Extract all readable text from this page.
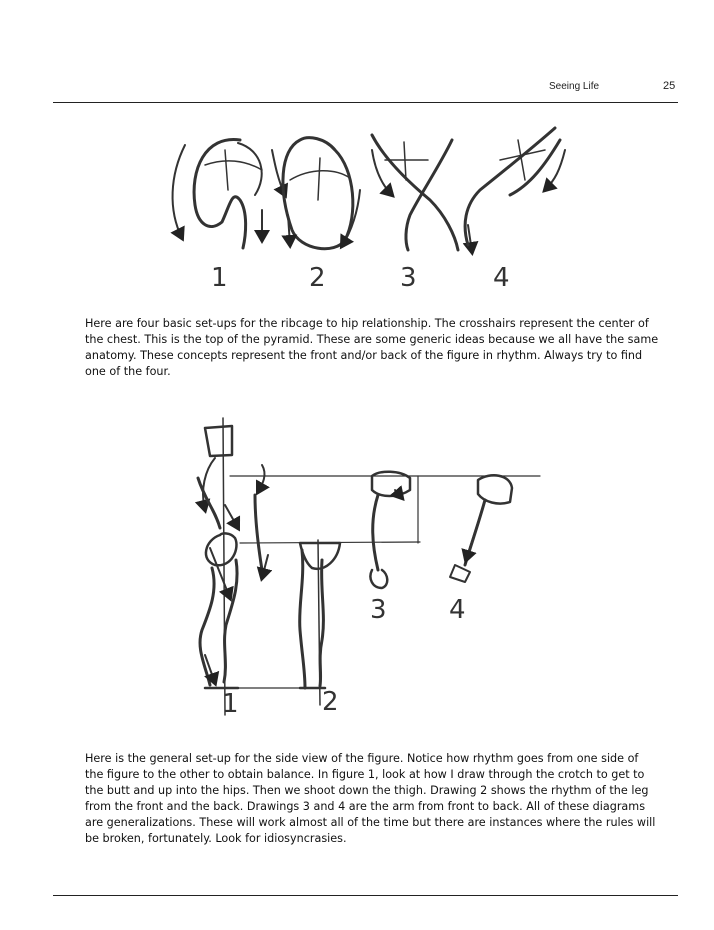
Seeing Life	25
1	2	3	4
1	2
3 4
Here are four basic set-ups for the ribcage to hip relationship. The crosshairs represent the center of
the chest. This is the top of the pyramid. These are some generic ideas because we all have the same
anatomy. These concepts represent the front and/or back of the figure in rhythm. Always try to find
one of the four.
Here is the general set-up for the side view of the figure. Notice how rhythm goes from one side of
the figure to the other to obtain balance. In figure 1, look at how I draw through the crotch to get to
the butt and up into the hips. Then we shoot down the thigh. Drawing 2 shows the rhythm of the leg
from the front and the back. Drawings 3 and 4 are the arm from front to back. All of these diagrams
are generalizations. These will work almost all of the time but there are instances where the rules will
be broken, fortunately. Look for idiosyncrasies.
